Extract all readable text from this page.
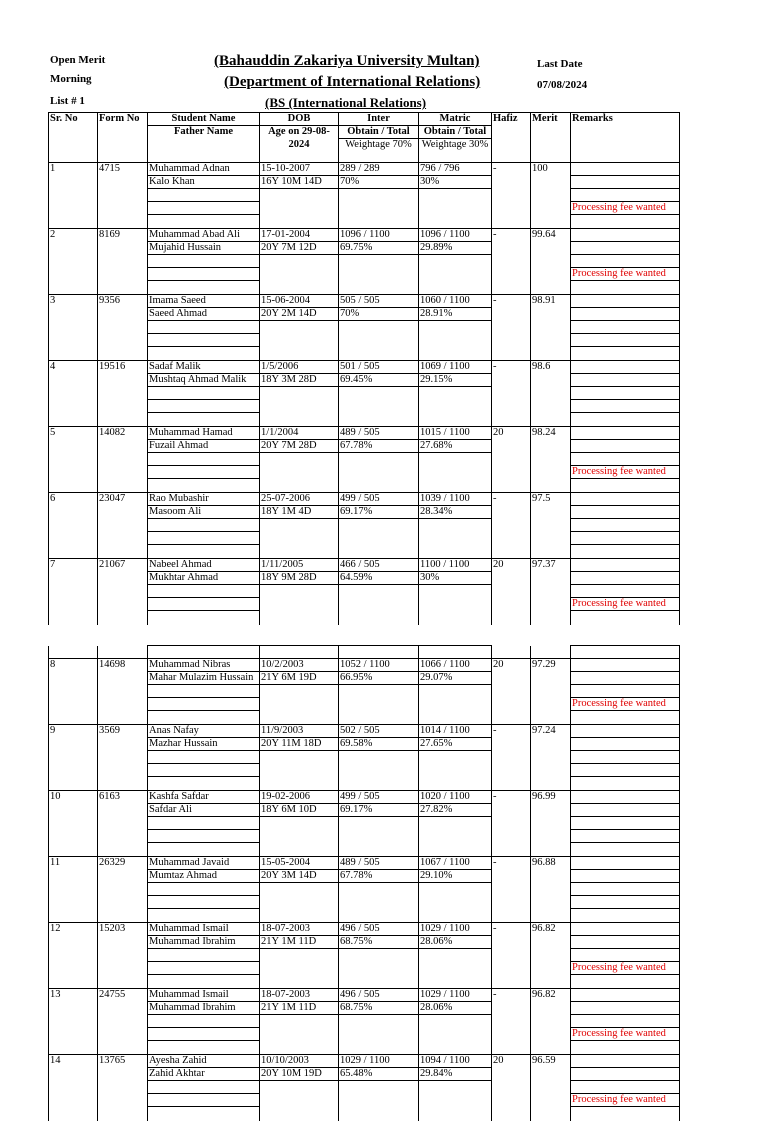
Open Merit
Morning
List # 1
(Bahauddin Zakariya University Multan)
(Department of International Relations)
(BS (International Relations)
Last Date
07/08/2024
Sr. No	Form No	Student Name	DOB	Inter	Matric	Hafiz	Merit	Remarks
		Father Name	Age on 29-08-	Obtain / Total	Obtain / Total			
			2024	Weightage 70%	Weightage 30%			
1	4715	Muhammad Adnan	15-10-2007	289 / 289	796 / 796	-	100	
		Kalo Khan	16Y 10M 14D	70%	30%			

								Processing fee wanted

2	8169	Muhammad Abad Ali	17-01-2004	1096 / 1100	1096 / 1100	-	99.64	
		Mujahid Hussain	20Y 7M 12D	69.75%	29.89%			

								Processing fee wanted

3	9356	Imama Saeed	15-06-2004	505 / 505	1060 / 1100	-	98.91	
		Saeed Ahmad	20Y 2M 14D	70%	28.91%			

4	19516	Sadaf Malik	1/5/2006	501 / 505	1069 / 1100	-	98.6	
		Mushtaq Ahmad Malik	18Y 3M 28D	69.45%	29.15%			

5	14082	Muhammad Hamad	1/1/2004	489 / 505	1015 / 1100	20	98.24	
		Fuzail Ahmad	20Y 7M 28D	67.78%	27.68%			

								Processing fee wanted

6	23047	Rao Mubashir	25-07-2006	499 / 505	1039 / 1100	-	97.5	
		Masoom Ali	18Y 1M 4D	69.17%	28.34%			

7	21067	Nabeel Ahmad	1/11/2005	466 / 505	1100 / 1100	20	97.37	
		Mukhtar Ahmad	18Y 9M 28D	64.59%	30%			

								Processing fee wanted

8	14698	Muhammad Nibras	10/2/2003	1052 / 1100	1066 / 1100	20	97.29	
		Mahar Mulazim Hussain	21Y 6M 19D	66.95%	29.07%			

								Processing fee wanted

9	3569	Anas Nafay	11/9/2003	502 / 505	1014 / 1100	-	97.24	
		Mazhar Hussain	20Y 11M 18D	69.58%	27.65%			

10	6163	Kashfa Safdar	19-02-2006	499 / 505	1020 / 1100	-	96.99	
		Safdar Ali	18Y 6M 10D	69.17%	27.82%			

11	26329	Muhammad Javaid	15-05-2004	489 / 505	1067 / 1100	-	96.88	
		Mumtaz Ahmad	20Y 3M 14D	67.78%	29.10%			

12	15203	Muhammad Ismail	18-07-2003	496 / 505	1029 / 1100	-	96.82	
		Muhammad Ibrahim	21Y 1M 11D	68.75%	28.06%			

								Processing fee wanted

13	24755	Muhammad Ismail	18-07-2003	496 / 505	1029 / 1100	-	96.82	
		Muhammad Ibrahim	21Y 1M 11D	68.75%	28.06%			

								Processing fee wanted

14	13765	Ayesha Zahid	10/10/2003	1029 / 1100	1094 / 1100	20	96.59	
		Zahid Akhtar	20Y 10M 19D	65.48%	29.84%			

								Processing fee wanted
